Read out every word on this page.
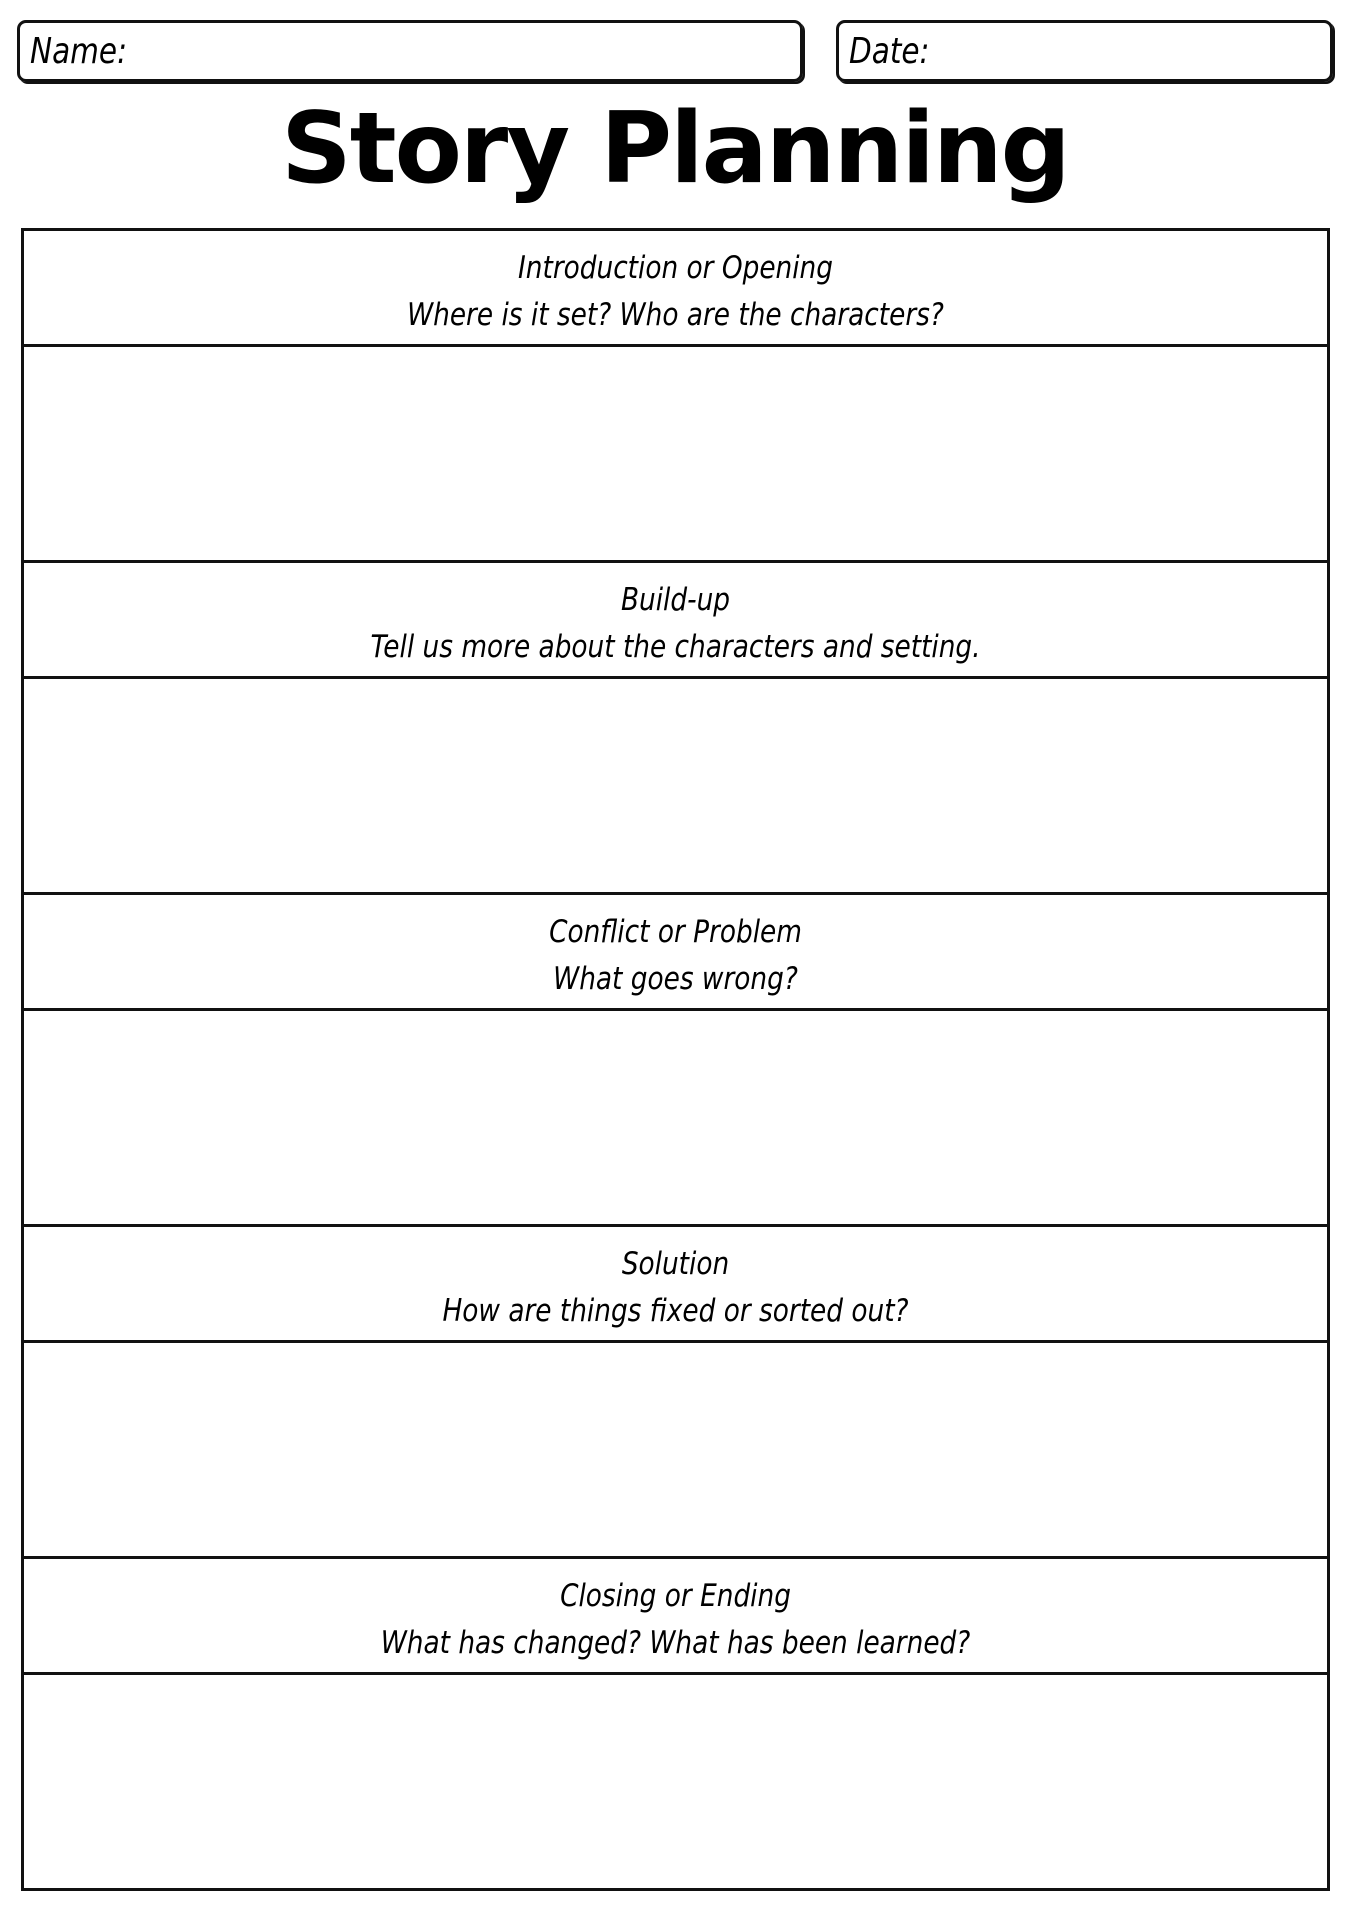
Name:	Date:
Story Planning
Introduction or Opening
Where is it set? Who are the characters?
Build-up
Tell us more about the characters and setting.
Conflict or Problem
What goes wrong?
Solution
How are things fixed or sorted out?
Closing or Ending
What has changed? What has been learned?
